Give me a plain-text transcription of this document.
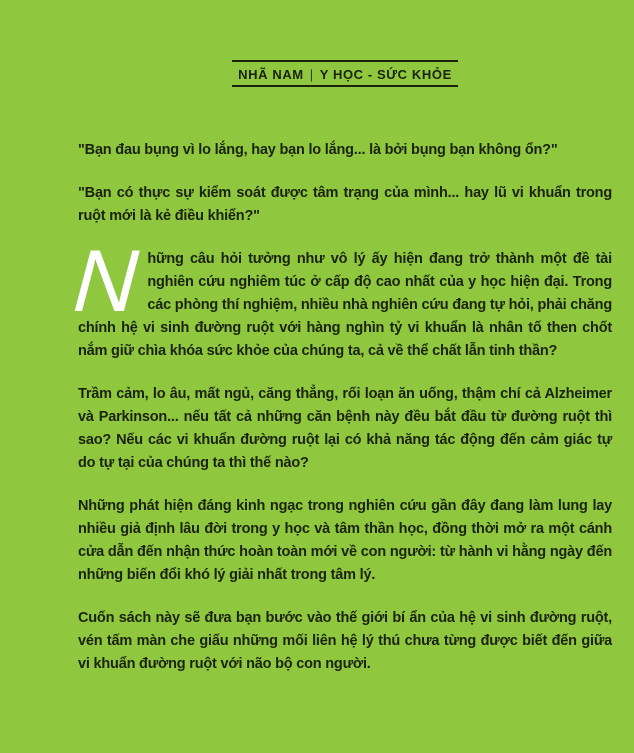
NHÃ NAM | Y HỌC - SỨC KHỎE

"Bạn đau bụng vì lo lắng, hay bạn lo lắng... là bởi bụng bạn không ổn?"

"Bạn có thực sự kiểm soát được tâm trạng của mình... hay lũ vi khuẩn trong ruột mới là kẻ điều khiển?"

Những câu hỏi tưởng như vô lý ấy hiện đang trở thành một đề tài nghiên cứu nghiêm túc ở cấp độ cao nhất của y học hiện đại. Trong các phòng thí nghiệm, nhiều nhà nghiên cứu đang tự hỏi, phải chăng chính hệ vi sinh đường ruột với hàng nghìn tỷ vi khuẩn là nhân tố then chốt nắm giữ chìa khóa sức khỏe của chúng ta, cả về thể chất lẫn tinh thần?

Trầm cảm, lo âu, mất ngủ, căng thẳng, rối loạn ăn uống, thậm chí cả Alzheimer và Parkinson... nếu tất cả những căn bệnh này đều bắt đầu từ đường ruột thì sao? Nếu các vi khuẩn đường ruột lại có khả năng tác động đến cảm giác tự do tự tại của chúng ta thì thế nào?

Những phát hiện đáng kinh ngạc trong nghiên cứu gần đây đang làm lung lay nhiều giả định lâu đời trong y học và tâm thần học, đồng thời mở ra một cánh cửa dẫn đến nhận thức hoàn toàn mới về con người: từ hành vi hằng ngày đến những biến đổi khó lý giải nhất trong tâm lý.

Cuốn sách này sẽ đưa bạn bước vào thế giới bí ẩn của hệ vi sinh đường ruột, vén tấm màn che giấu những mối liên hệ lý thú chưa từng được biết đến giữa vi khuẩn đường ruột với não bộ con người.
